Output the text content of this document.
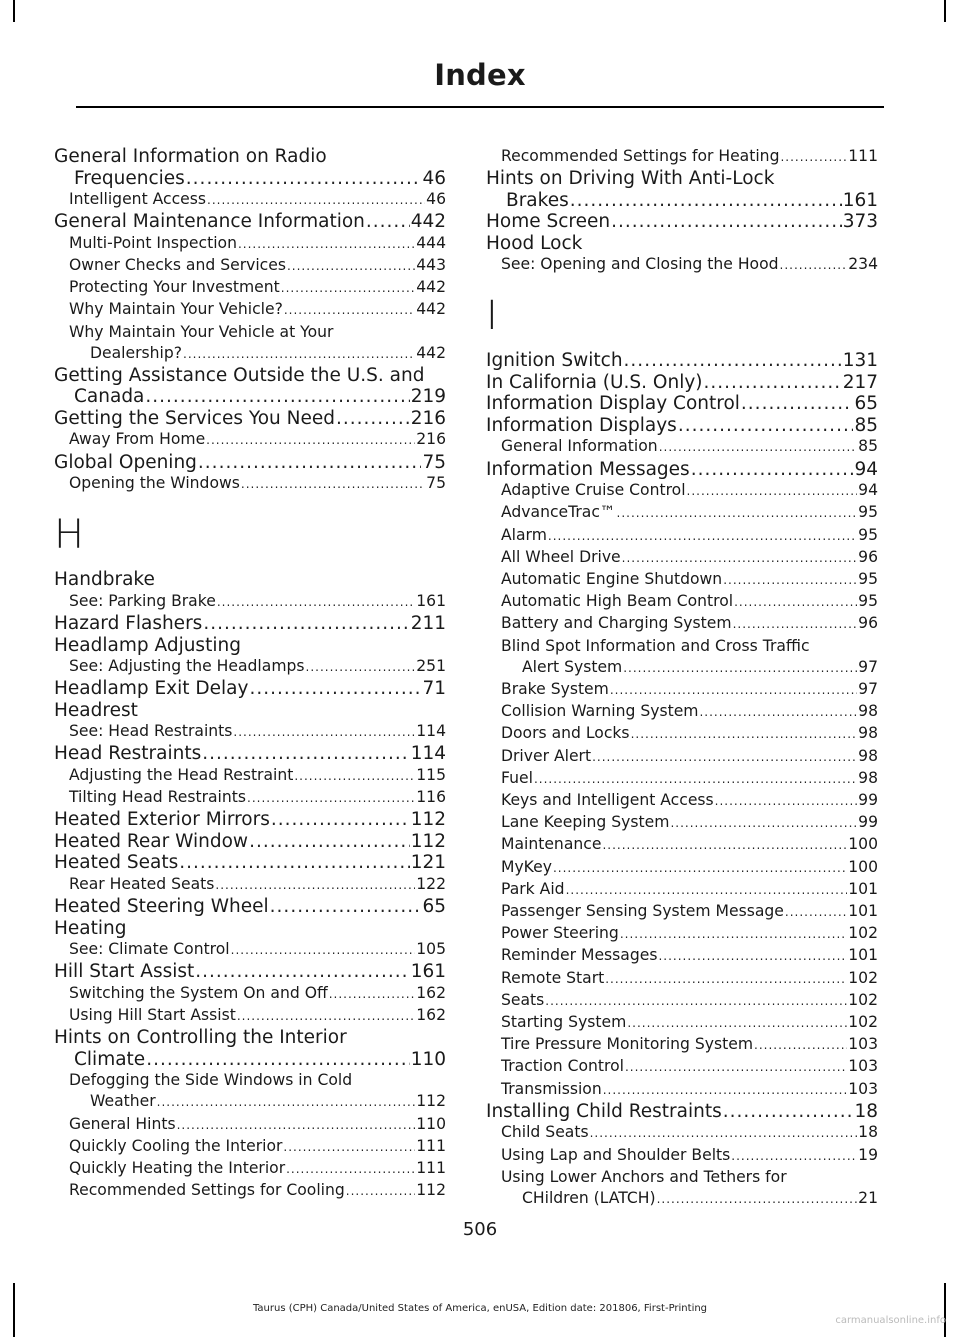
Index
General Information on Radio
Frequencies .....	46
Intelligent Access .....	46
General Maintenance Information ..... 442
Multi-Point Inspection .....	444
Owner Checks and Services .....	443
Protecting Your Investment .....	442
Why Maintain Your Vehicle? .....	442
Why Maintain Your Vehicle at Your
Dealership? .....	442
Getting Assistance Outside the U.S. and
Canada .....	219
Getting the Services You Need .....	216
Away From Home .....	216
Global Opening .....	75
Opening the Windows .....	75
H
Handbrake
See: Parking Brake .....	161
Hazard Flashers .....	211
Headlamp Adjusting
See: Adjusting the Headlamps .....	251
Headlamp Exit Delay .....	71
Headrest
See: Head Restraints .....	114
Head Restraints .....	114
Adjusting the Head Restraint .....	115
Tilting Head Restraints .....	116
Heated Exterior Mirrors .....	112
Heated Rear Window .....	112
Heated Seats .....	121
Rear Heated Seats .....	122
Heated Steering Wheel .....	65
Heating
See: Climate Control .....	105
Hill Start Assist .....	161
Switching the System On and Off .....	162
Using Hill Start Assist .....	162
Hints on Controlling the Interior
Climate .....	110
Defogging the Side Windows in Cold
Weather .....	112
General Hints .....	110
Quickly Cooling the Interior .....	111
Quickly Heating the Interior .....	111
Recommended Settings for Cooling .....	112
Recommended Settings for Heating .....	111
Hints on Driving With Anti-Lock
Brakes .....	161
Home Screen .....	373
Hood Lock
See: Opening and Closing the Hood .....	234
I
Ignition Switch .....	131
In California (U.S. Only) .....	217
Information Display Control .....	65
Information Displays .....	85
General Information .....	85
Information Messages .....	94
Adaptive Cruise Control .....	94
AdvanceTrac™ .....	95
Alarm .....	95
All Wheel Drive .....	96
Automatic Engine Shutdown .....	95
Automatic High Beam Control .....	95
Battery and Charging System .....	96
Blind Spot Information and Cross Traffic
Alert System .....	97
Brake System .....	97
Collision Warning System .....	98
Doors and Locks .....	98
Driver Alert .....	98
Fuel .....	98
Keys and Intelligent Access .....	99
Lane Keeping System .....	99
Maintenance .....	100
MyKey .....	100
Park Aid .....	101
Passenger Sensing System Message .....	101
Power Steering .....	102
Reminder Messages .....	101
Remote Start .....	102
Seats .....	102
Starting System .....	102
Tire Pressure Monitoring System .....	103
Traction Control .....	103
Transmission .....	103
Installing Child Restraints .....	18
Child Seats .....	18
Using Lap and Shoulder Belts .....	19
Using Lower Anchors and Tethers for
CHildren (LATCH) .....	21
506
Taurus (CPH) Canada/United States of America, enUSA, Edition date: 201806, First-Printing
carmanualsonline.info
